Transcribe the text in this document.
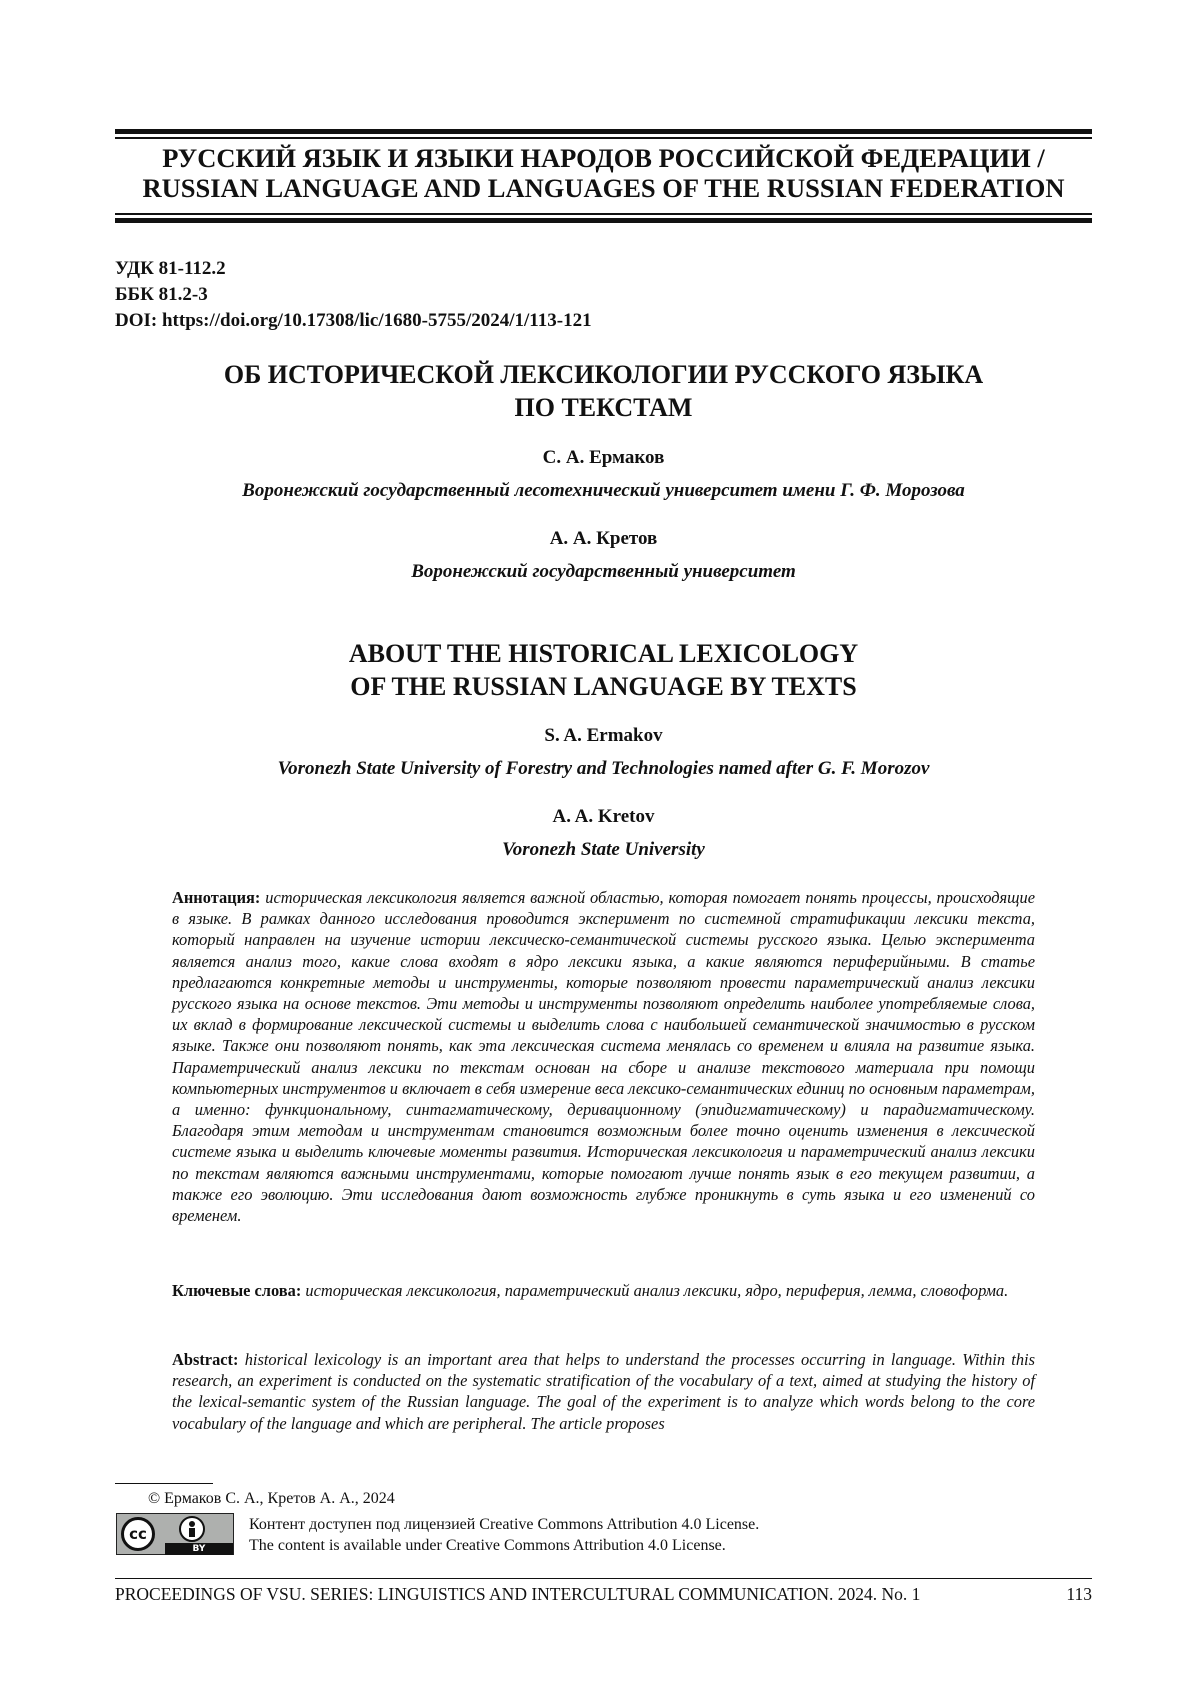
РУССКИЙ ЯЗЫК И ЯЗЫКИ НАРОДОВ РОССИЙСКОЙ ФЕДЕРАЦИИ /
RUSSIAN LANGUAGE AND LANGUAGES OF THE RUSSIAN FEDERATION
УДК 81-112.2
ББК 81.2-3
DOI: https://doi.org/10.17308/lic/1680-5755/2024/1/113-121
ОБ ИСТОРИЧЕСКОЙ ЛЕКСИКОЛОГИИ РУССКОГО ЯЗЫКА
ПО ТЕКСТАМ
С. А. Ермаков
Воронежский государственный лесотехнический университет имени Г. Ф. Морозова
А. А. Кретов
Воронежский государственный университет
ABOUT THE HISTORICAL LEXICOLOGY
OF THE RUSSIAN LANGUAGE BY TEXTS
S. A. Ermakov
Voronezh State University of Forestry and Technologies named after G. F. Morozov
A. A. Kretov
Voronezh State University
Аннотация: историческая лексикология является важной областью, которая помогает понять процессы, происходящие в языке. В рамках данного исследования проводится эксперимент по системной стратификации лексики текста, который направлен на изучение истории лексическо-семантической системы русского языка. Целью эксперимента является анализ того, какие слова входят в ядро лексики языка, а какие являются периферийными. В статье предлагаются конкретные методы и инструменты, которые позволяют провести параметрический анализ лексики русского языка на основе текстов. Эти методы и инструменты позволяют определить наиболее употребляемые слова, их вклад в формирование лексической системы и выделить слова с наибольшей семантической значимостью в русском языке. Также они позволяют понять, как эта лексическая система менялась со временем и влияла на развитие языка. Параметрический анализ лексики по текстам основан на сборе и анализе текстового материала при помощи компьютерных инструментов и включает в себя измерение веса лексико-семантических единиц по основным параметрам, а именно: функциональному, синтагматическому, деривационному (эпидигматическому) и парадигматическому. Благодаря этим методам и инструментам становится возможным более точно оценить изменения в лексической системе языка и выделить ключевые моменты развития. Историческая лексикология и параметрический анализ лексики по текстам являются важными инструментами, которые помогают лучше понять язык в его текущем развитии, а также его эволюцию. Эти исследования дают возможность глубже проникнуть в суть языка и его изменений со временем.
Ключевые слова: историческая лексикология, параметрический анализ лексики, ядро, периферия, лемма, словоформа.
Abstract: historical lexicology is an important area that helps to understand the processes occurring in language. Within this research, an experiment is conducted on the systematic stratification of the vocabulary of a text, aimed at studying the history of the lexical-semantic system of the Russian language. The goal of the experiment is to analyze which words belong to the core vocabulary of the language and which are peripheral. The article proposes
© Ермаков С. А., Кретов А. А., 2024
cc
BY
Контент доступен под лицензией Creative Commons Attribution 4.0 License.
The content is available under Creative Commons Attribution 4.0 License.
PROCEEDINGS OF VSU. SERIES: LINGUISTICS AND INTERCULTURAL COMMUNICATION. 2024. No. 1	113
